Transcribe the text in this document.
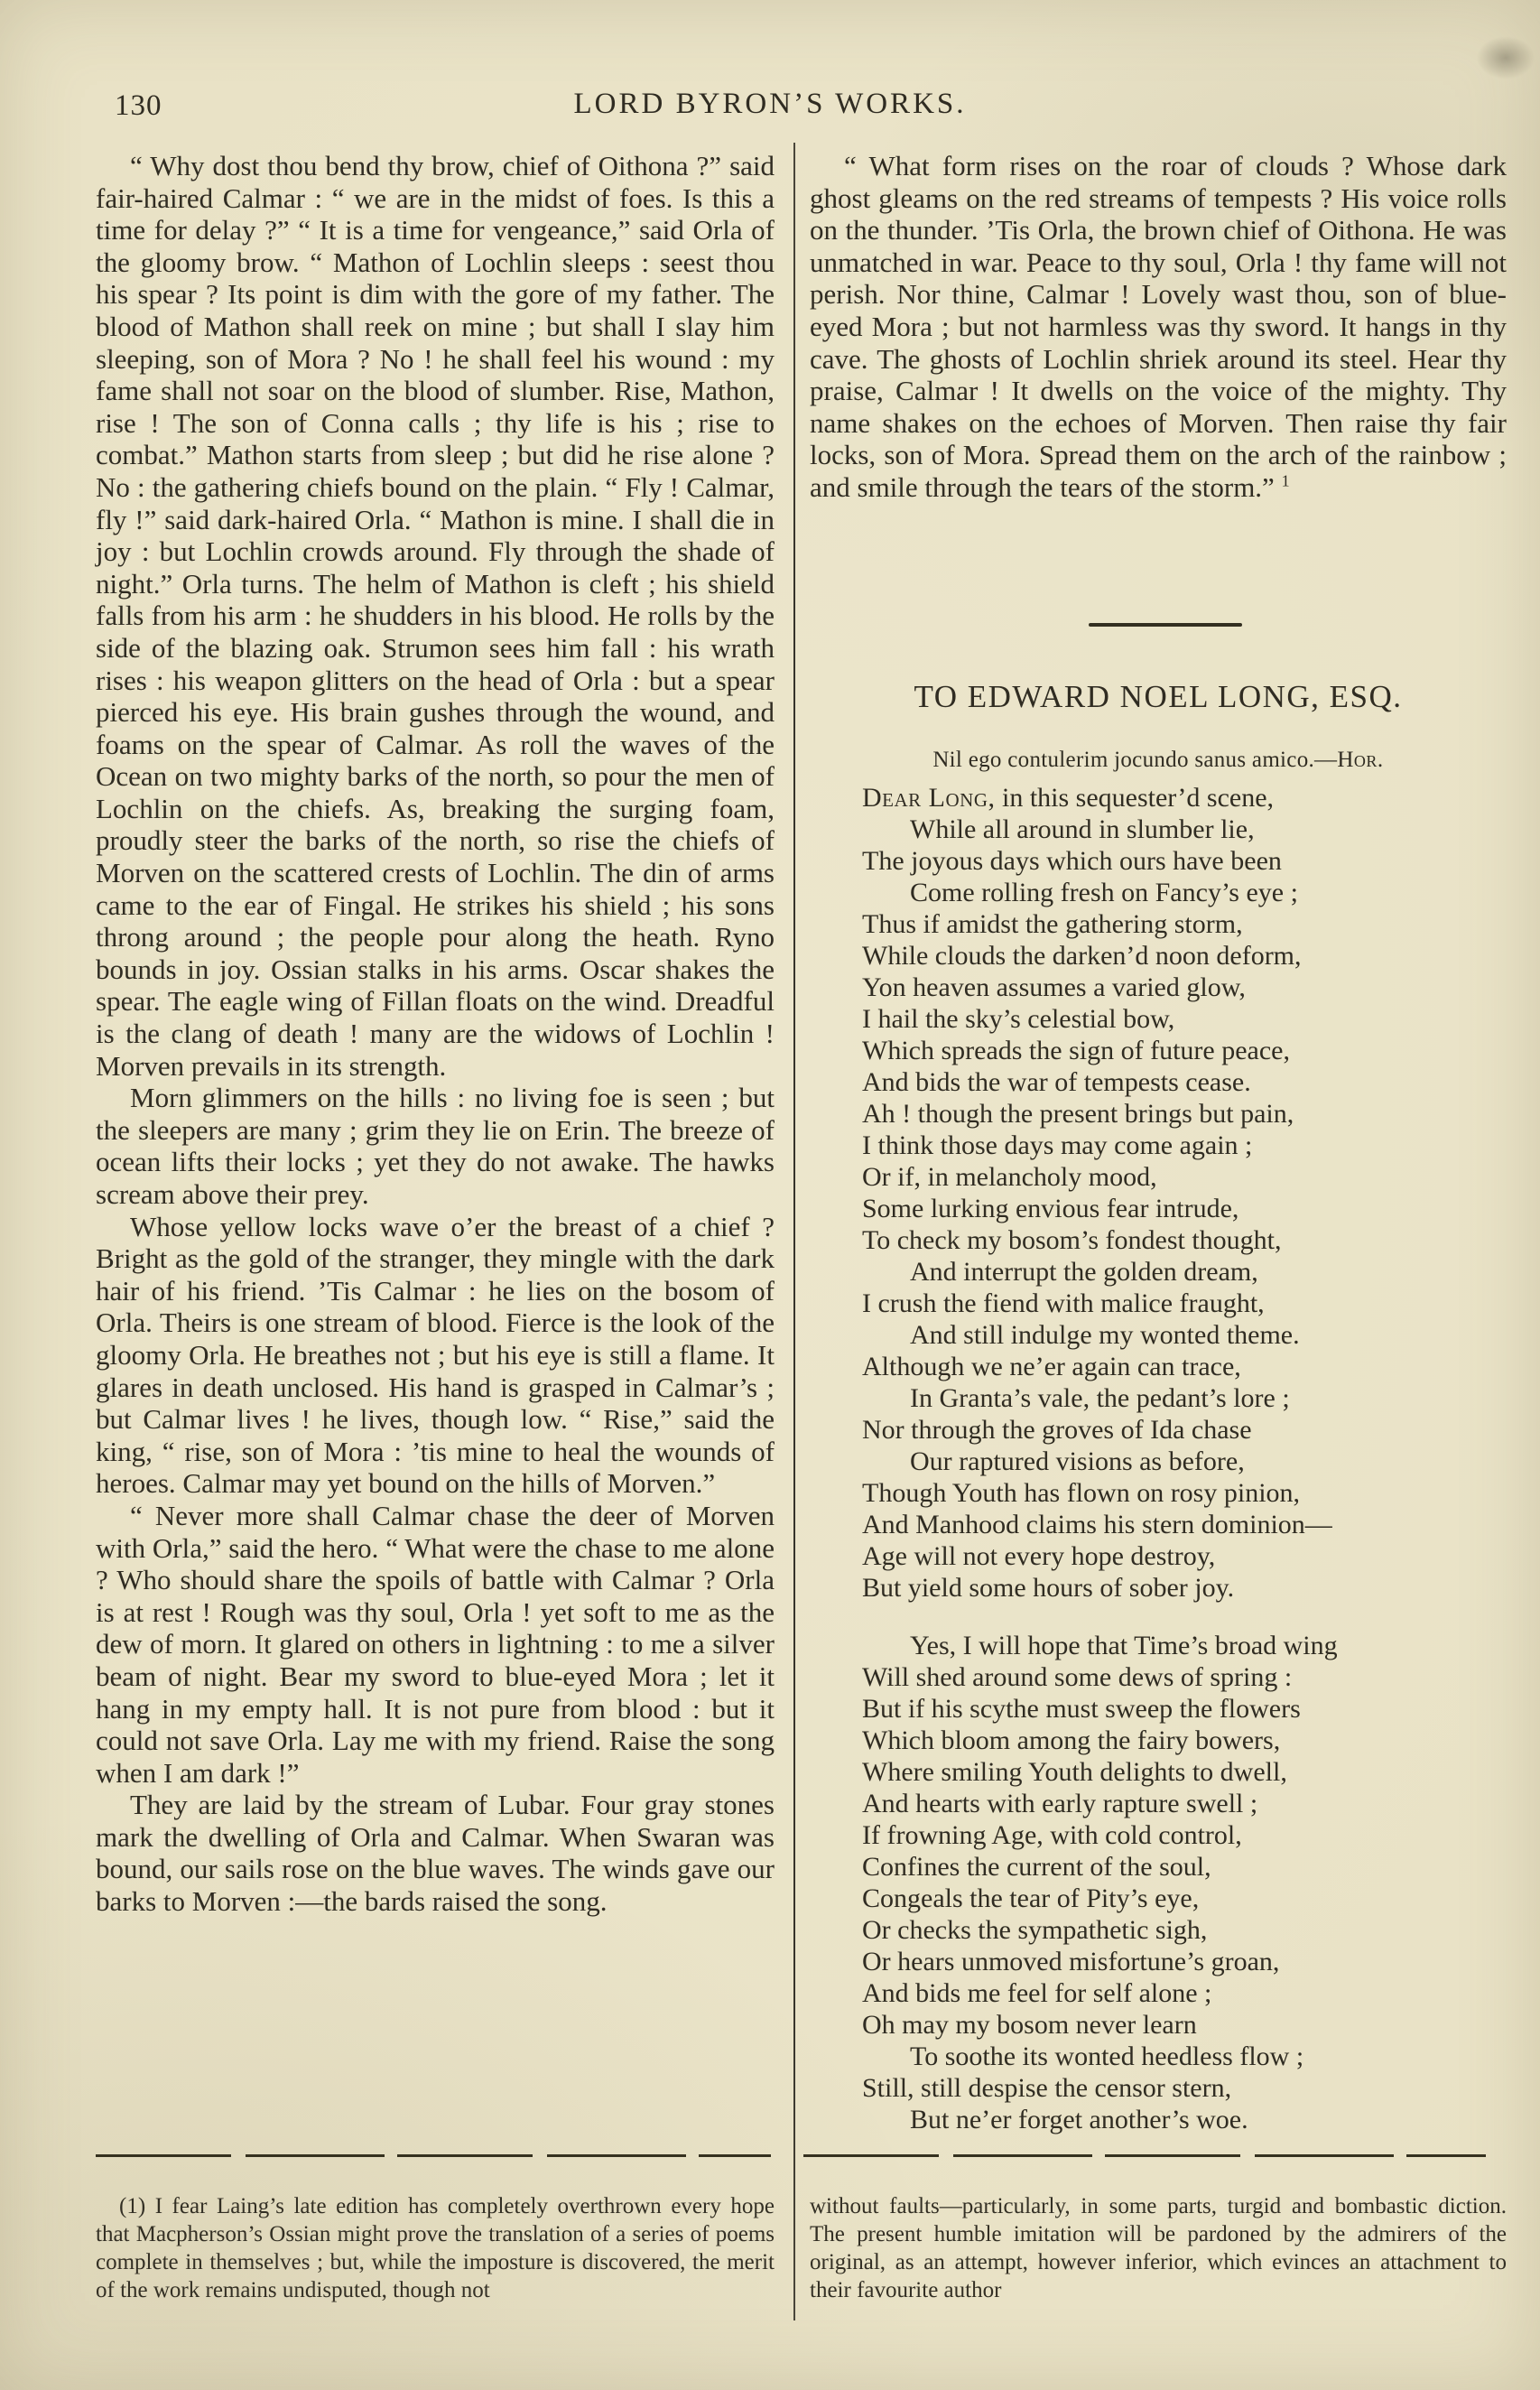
130	LORD BYRON’S WORKS.

“ Why dost thou bend thy brow, chief of Oithona ?” said fair-haired Calmar : “ we are in the midst of foes. Is this a time for delay ?” “ It is a time for vengeance,” said Orla of the gloomy brow. “ Mathon of Lochlin sleeps : seest thou his spear ? Its point is dim with the gore of my father. The blood of Mathon shall reek on mine ; but shall I slay him sleeping, son of Mora ? No ! he shall feel his wound : my fame shall not soar on the blood of slumber. Rise, Mathon, rise ! The son of Conna calls ; thy life is his ; rise to combat.” Mathon starts from sleep ; but did he rise alone ? No : the gathering chiefs bound on the plain. “ Fly ! Calmar, fly !” said dark-haired Orla. “ Mathon is mine. I shall die in joy : but Lochlin crowds around. Fly through the shade of night.” Orla turns. The helm of Mathon is cleft ; his shield falls from his arm : he shudders in his blood. He rolls by the side of the blazing oak. Strumon sees him fall : his wrath rises : his weapon glitters on the head of Orla : but a spear pierced his eye. His brain gushes through the wound, and foams on the spear of Calmar. As roll the waves of the Ocean on two mighty barks of the north, so pour the men of Lochlin on the chiefs. As, breaking the surging foam, proudly steer the barks of the north, so rise the chiefs of Morven on the scattered crests of Lochlin. The din of arms came to the ear of Fingal. He strikes his shield ; his sons throng around ; the people pour along the heath. Ryno bounds in joy. Ossian stalks in his arms. Oscar shakes the spear. The eagle wing of Fillan floats on the wind. Dreadful is the clang of death ! many are the widows of Lochlin ! Morven prevails in its strength.

Morn glimmers on the hills : no living foe is seen ; but the sleepers are many ; grim they lie on Erin. The breeze of ocean lifts their locks ; yet they do not awake. The hawks scream above their prey.

Whose yellow locks wave o’er the breast of a chief ? Bright as the gold of the stranger, they mingle with the dark hair of his friend. ’Tis Calmar : he lies on the bosom of Orla. Theirs is one stream of blood. Fierce is the look of the gloomy Orla. He breathes not ; but his eye is still a flame. It glares in death unclosed. His hand is grasped in Calmar’s ; but Calmar lives ! he lives, though low. “ Rise,” said the king, “ rise, son of Mora : ’tis mine to heal the wounds of heroes. Calmar may yet bound on the hills of Morven.”

“ Never more shall Calmar chase the deer of Morven with Orla,” said the hero. “ What were the chase to me alone ? Who should share the spoils of battle with Calmar ? Orla is at rest ! Rough was thy soul, Orla ! yet soft to me as the dew of morn. It glared on others in lightning : to me a silver beam of night. Bear my sword to blue-eyed Mora ; let it hang in my empty hall. It is not pure from blood : but it could not save Orla. Lay me with my friend. Raise the song when I am dark !”

They are laid by the stream of Lubar. Four gray stones mark the dwelling of Orla and Calmar. When Swaran was bound, our sails rose on the blue waves. The winds gave our barks to Morven :—the bards raised the song.

“ What form rises on the roar of clouds ? Whose dark ghost gleams on the red streams of tempests ? His voice rolls on the thunder. ’Tis Orla, the brown chief of Oithona. He was unmatched in war. Peace to thy soul, Orla ! thy fame will not perish. Nor thine, Calmar ! Lovely wast thou, son of blue-eyed Mora ; but not harmless was thy sword. It hangs in thy cave. The ghosts of Lochlin shriek around its steel. Hear thy praise, Calmar ! It dwells on the voice of the mighty. Thy name shakes on the echoes of Morven. Then raise thy fair locks, son of Mora. Spread them on the arch of the rainbow ; and smile through the tears of the storm.” $^1$

TO EDWARD NOEL LONG, ESQ.
Nil ego contulerim jocundo sanus amico.—Hor.
Dear Long, in this sequester’d scene,
While all around in slumber lie,
The joyous days which ours have been
Come rolling fresh on Fancy’s eye ;
Thus if amidst the gathering storm,
While clouds the darken’d noon deform,
Yon heaven assumes a varied glow,
I hail the sky’s celestial bow,
Which spreads the sign of future peace,
And bids the war of tempests cease.
Ah ! though the present brings but pain,
I think those days may come again ;
Or if, in melancholy mood,
Some lurking envious fear intrude,
To check my bosom’s fondest thought,
And interrupt the golden dream,
I crush the fiend with malice fraught,
And still indulge my wonted theme.
Although we ne’er again can trace,
In Granta’s vale, the pedant’s lore ;
Nor through the groves of Ida chase
Our raptured visions as before,
Though Youth has flown on rosy pinion,
And Manhood claims his stern dominion—
Age will not every hope destroy,
But yield some hours of sober joy.
Yes, I will hope that Time’s broad wing
Will shed around some dews of spring :
But if his scythe must sweep the flowers
Which bloom among the fairy bowers,
Where smiling Youth delights to dwell,
And hearts with early rapture swell ;
If frowning Age, with cold control,
Confines the current of the soul,
Congeals the tear of Pity’s eye,
Or checks the sympathetic sigh,
Or hears unmoved misfortune’s groan,
And bids me feel for self alone ;
Oh may my bosom never learn
To soothe its wonted heedless flow ;
Still, still despise the censor stern,
But ne’er forget another’s woe.
(1) I fear Laing’s late edition has completely overthrown every hope that Macpherson’s Ossian might prove the translation of a series of poems complete in themselves ; but, while the imposture is discovered, the merit of the work remains undisputed, though not
without faults—particularly, in some parts, turgid and bombastic diction. The present humble imitation will be pardoned by the admirers of the original, as an attempt, however inferior, which evinces an attachment to their favourite author
